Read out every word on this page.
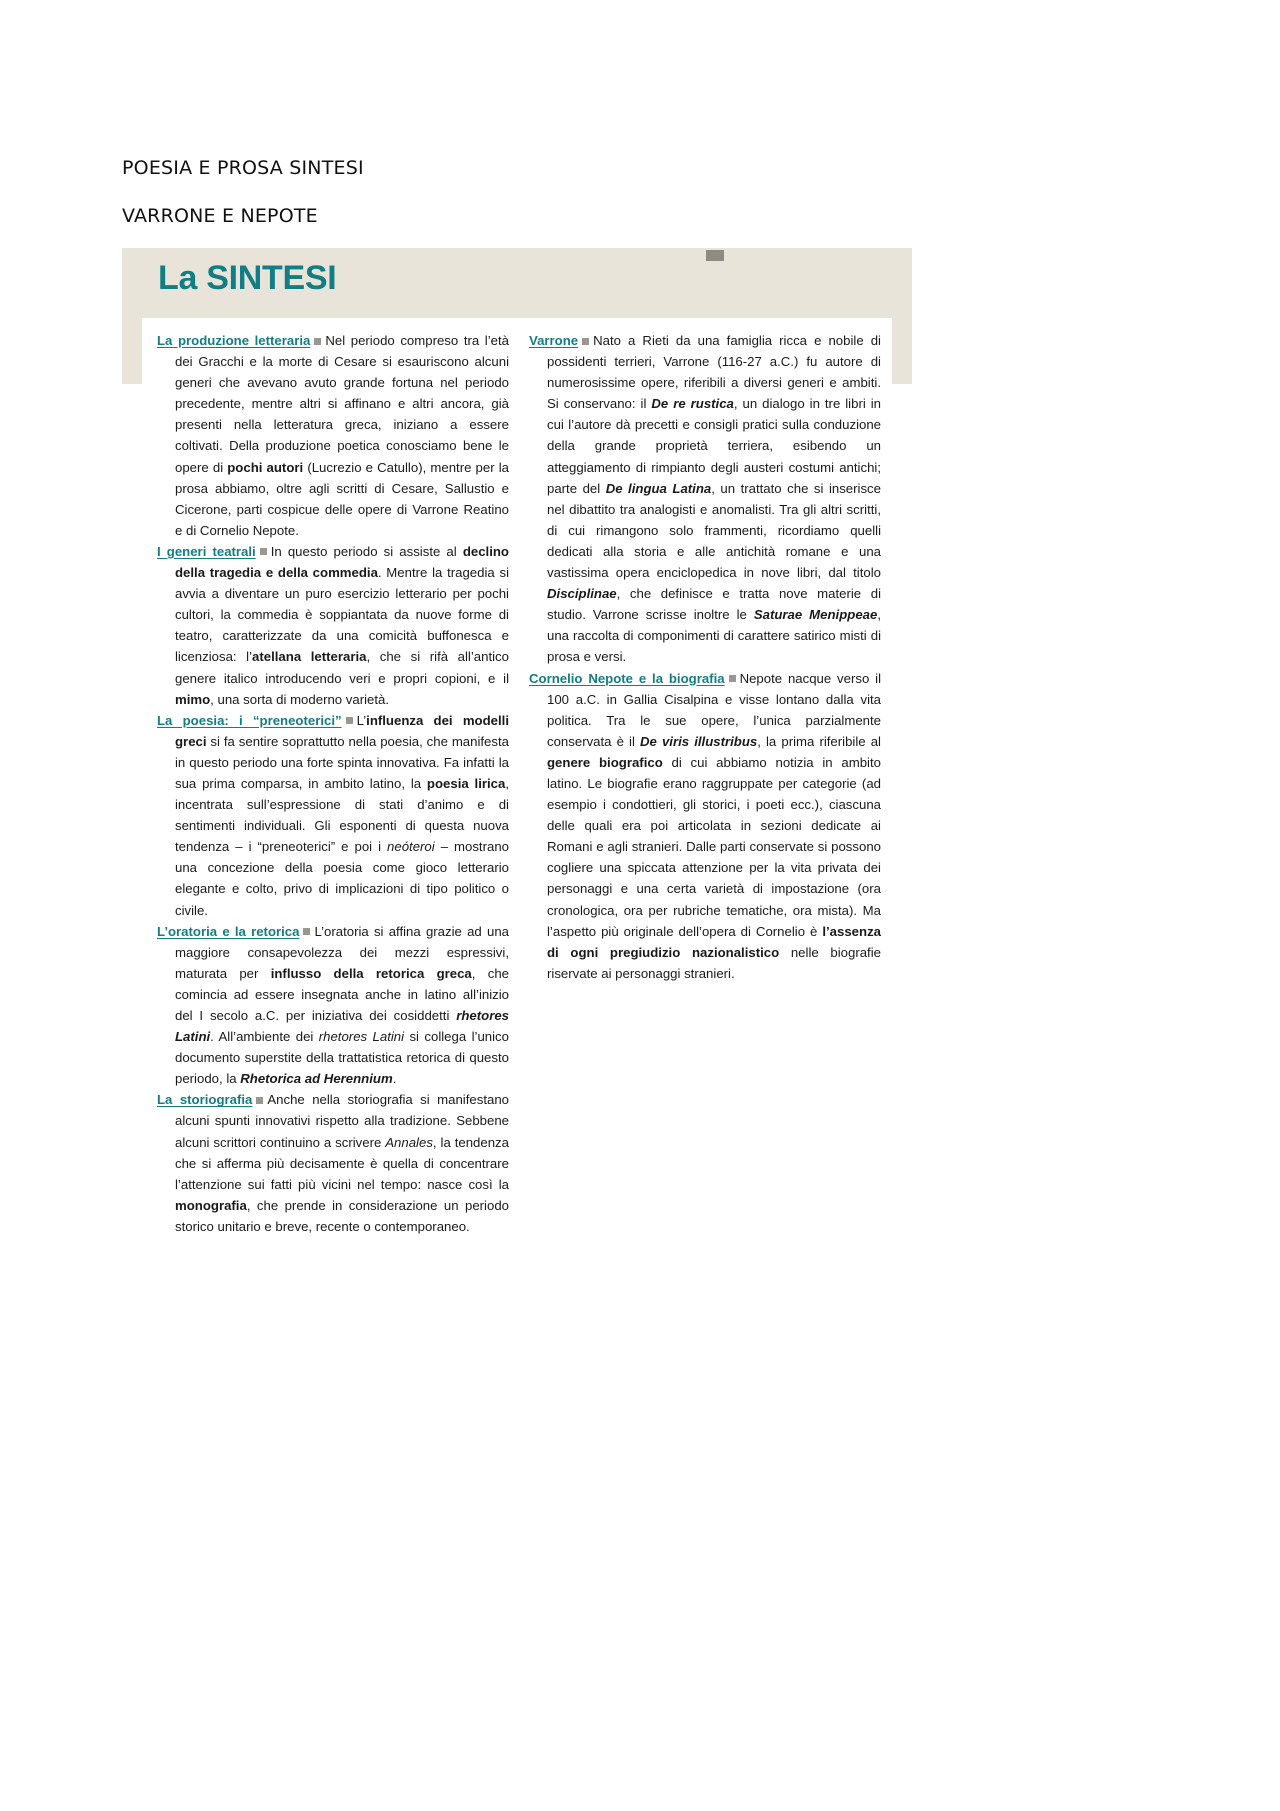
POESIA E PROSA SINTESI
VARRONE E NEPOTE
La SINTESI

La produzione letteraria Nel periodo compreso tra l’età dei Gracchi e la morte di Cesare si esauriscono alcuni generi che avevano avuto grande fortuna nel periodo precedente, mentre altri si affinano e altri ancora, già presenti nella letteratura greca, iniziano a essere coltivati. Della produzione poetica conosciamo bene le opere di pochi autori (Lucrezio e Catullo), mentre per la prosa abbiamo, oltre agli scritti di Cesare, Sallustio e Cicerone, parti cospicue delle opere di Varrone Reatino e di Cornelio Nepote.

I generi teatrali In questo periodo si assiste al declino della tragedia e della commedia. Mentre la tragedia si avvia a diventare un puro esercizio letterario per pochi cultori, la commedia è soppiantata da nuove forme di teatro, caratterizzate da una comicità buffonesca e licenziosa: l’atellana letteraria, che si rifà all’antico genere italico introducendo veri e propri copioni, e il mimo, una sorta di moderno varietà.

La poesia: i “preneoterici” L’influenza dei modelli greci si fa sentire soprattutto nella poesia, che manifesta in questo periodo una forte spinta innovativa. Fa infatti la sua prima comparsa, in ambito latino, la poesia lirica, incentrata sull’espressione di stati d’animo e di sentimenti individuali. Gli esponenti di questa nuova tendenza – i “preneoterici” e poi i neóteroi – mostrano una concezione della poesia come gioco letterario elegante e colto, privo di implicazioni di tipo politico o civile.

L’oratoria e la retorica L’oratoria si affina grazie ad una maggiore consapevolezza dei mezzi espressivi, maturata per influsso della retorica greca, che comincia ad essere insegnata anche in latino all’inizio del I secolo a.C. per iniziativa dei cosiddetti rhetores Latini. All’ambiente dei rhetores Latini si collega l’unico documento superstite della trattatistica retorica di questo periodo, la Rhetorica ad Herennium.

La storiografia Anche nella storiografia si manifestano alcuni spunti innovativi rispetto alla tradizione. Sebbene alcuni scrittori continuino a scrivere Annales, la tendenza che si afferma più decisamente è quella di concentrare l’attenzione sui fatti più vicini nel tempo: nasce così la monografia, che prende in considerazione un periodo storico unitario e breve, recente o contemporaneo.

Varrone Nato a Rieti da una famiglia ricca e nobile di possidenti terrieri, Varrone (116-27 a.C.) fu autore di numerosissime opere, riferibili a diversi generi e ambiti. Si conservano: il De re rustica, un dialogo in tre libri in cui l’autore dà precetti e consigli pratici sulla conduzione della grande proprietà terriera, esibendo un atteggiamento di rimpianto degli austeri costumi antichi; parte del De lingua Latina, un trattato che si inserisce nel dibattito tra analogisti e anomalisti. Tra gli altri scritti, di cui rimangono solo frammenti, ricordiamo quelli dedicati alla storia e alle antichità romane e una vastissima opera enciclopedica in nove libri, dal titolo Disciplinae, che definisce e tratta nove materie di studio. Varrone scrisse inoltre le Saturae Menippeae, una raccolta di componimenti di carattere satirico misti di prosa e versi.

Cornelio Nepote e la biografia Nepote nacque verso il 100 a.C. in Gallia Cisalpina e visse lontano dalla vita politica. Tra le sue opere, l’unica parzialmente conservata è il De viris illustribus, la prima riferibile al genere biografico di cui abbiamo notizia in ambito latino. Le biografie erano raggruppate per categorie (ad esempio i condottieri, gli storici, i poeti ecc.), ciascuna delle quali era poi articolata in sezioni dedicate ai Romani e agli stranieri. Dalle parti conservate si possono cogliere una spiccata attenzione per la vita privata dei personaggi e una certa varietà di impostazione (ora cronologica, ora per rubriche tematiche, ora mista). Ma l’aspetto più originale dell’opera di Cornelio è l’assenza di ogni pregiudizio nazionalistico nelle biografie riservate ai personaggi stranieri.
